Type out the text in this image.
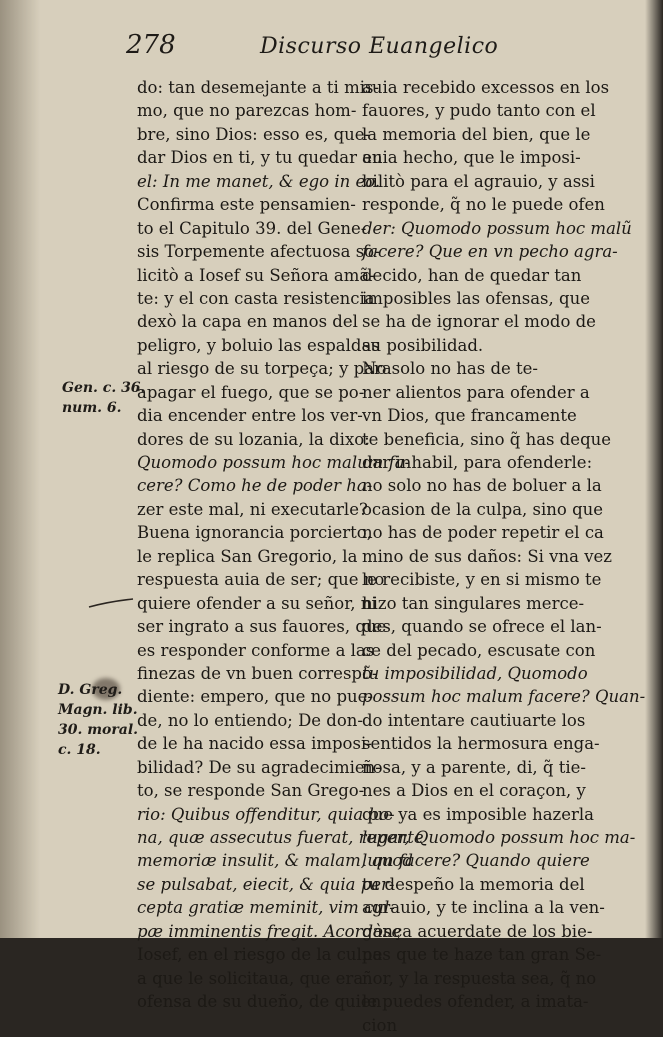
278	Discurso Euangelico
do: tan desemejante a ti mis-
mo, que no parezcas hom-
bre, sino Dios: esso es, que-
dar Dios en ti, y tu quedar en
el: In me manet, & ego in eo.
Confirma este pensamien-
to el Capitulo 39. del Gene-
sis Torpemente afectuosa so-
licitò a Iosef su Señora amã-
te: y el con casta resistencia
dexò la capa en manos del
peligro, y boluio las espaldas
al riesgo de su torpeça; y para
apagar el fuego, que se po-
dia encender entre los ver-
dores de su lozania, la dixo:
Quomodo possum hoc malum fa-
cere? Como he de poder ha-
zer este mal, ni executarle?
Buena ignorancia porcierto,
le replica San Gregorio, la
respuesta auia de ser; que no
quiere ofender a su señor, ni
ser ingrato a sus fauores, que
es responder conforme a las
finezas de vn buen correspõ-
diente: empero, que no pue-
de, no lo entiendo; De don-
de le ha nacido essa imposi-
bilidad? De su agradecimien-
to, se responde San Grego-
rio: Quibus offenditur, quia bo-
na, quæ assecutus fuerat, repente
memoriæ insulit, & malam, quod
se pulsabat, eiecit, & quia per-
cepta gratiæ meminit, vim cul-
pæ imminentis fregit. Acordòse
Iosef, en el riesgo de la culpa
a que le solicitaua, que era
ofensa de su dueño, de quien
auia recebido excessos en los
fauores, y pudo tanto con el
la memoria del bien, que le
auia hecho, que le imposi-
bilitò para el agrauio, y assi
responde, q̃ no le puede ofen
der: Quomodo possum hoc malũ
facere? Que en vn pecho agra-
decido, han de quedar tan
imposibles las ofensas, que
se ha de ignorar el modo de
su posibilidad.
No solo no has de te-
ner alientos para ofender a
vn Dios, que francamente
te beneficia, sino q̃ has deque
dar inhabil, para ofenderle:
no solo no has de boluer a la
ocasion de la culpa, sino que
no has de poder repetir el ca
mino de sus daños: Si vna vez
le recibiste, y en si mismo te
hizo tan singulares merce-
des, quando se ofrece el lan-
ce del pecado, escusate con
tu imposibilidad, Quomodo
possum hoc malum facere? Quan-
do intentare cautiuarte los
sentidos la hermosura enga-
ñosa, y a parente, di, q̃ tie-
nes a Dios en el coraçon, y
que ya es imposible hazerla
lugar, Quomodo possum hoc ma-
lum facere? Quando quiere
tu despeño la memoria del
agrauio, y te inclina a la ven-
gança acuerdate de los bie-
nes que te haze tan gran Se-
ñor, y la respuesta sea, q̃ no
le puedes ofender, a imata-
cion
Gen. c. 36.
num. 6.
D. Greg.
Magn. lib.
30. moral.
c. 18.
